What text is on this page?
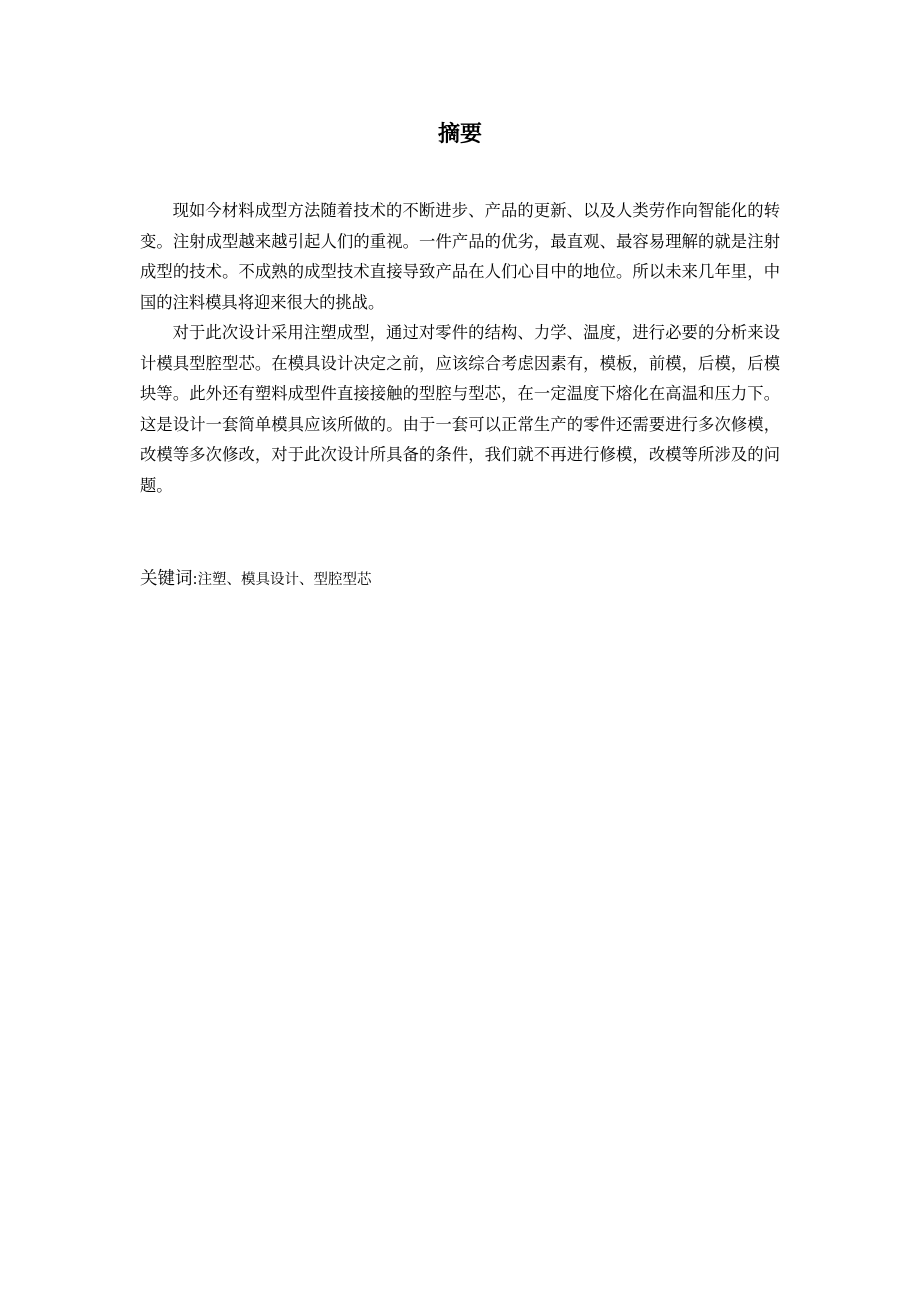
摘要

现如今材料成型方法随着技术的不断进步、产品的更新、以及人类劳作向智能化的转变。注射成型越来越引起人们的重视。一件产品的优劣，最直观、最容易理解的就是注射成型的技术。不成熟的成型技术直接导致产品在人们心目中的地位。所以未来几年里，中国的注料模具将迎来很大的挑战。

对于此次设计采用注塑成型，通过对零件的结构、力学、温度，进行必要的分析来设计模具型腔型芯。在模具设计决定之前，应该综合考虑因素有，模板，前模，后模，后模块等。此外还有塑料成型件直接接触的型腔与型芯，在一定温度下熔化在高温和压力下。这是设计一套简单模具应该所做的。由于一套可以正常生产的零件还需要进行多次修模，改模等多次修改，对于此次设计所具备的条件，我们就不再进行修模，改模等所涉及的问题。

关键词:注塑、模具设计、型腔型芯
